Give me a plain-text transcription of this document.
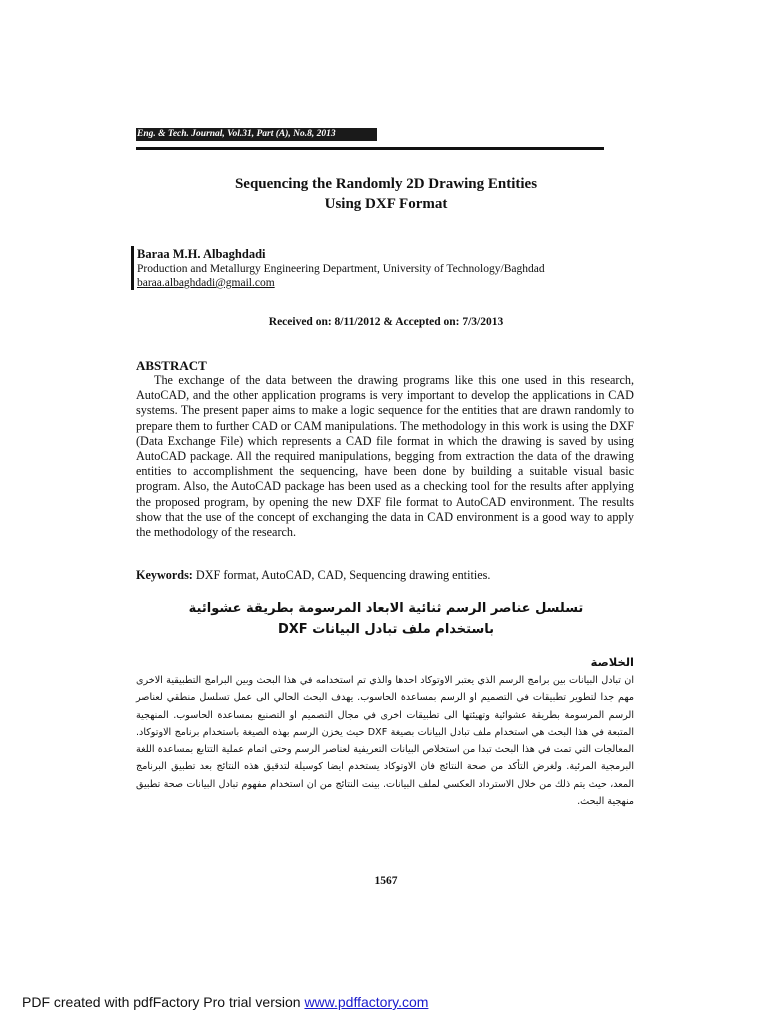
Eng. & Tech. Journal, Vol.31, Part (A), No.8, 2013
Sequencing the Randomly 2D Drawing Entities
Using DXF Format
Baraa M.H. Albaghdadi
Production and Metallurgy Engineering Department, University of Technology/Baghdad
baraa.albaghdadi@gmail.com
Received on: 8/11/2012 & Accepted on: 7/3/2013
ABSTRACT
The exchange of the data between the drawing programs like this one used in this research, AutoCAD, and the other application programs is very important to develop the applications in CAD systems. The present paper aims to make a logic sequence for the entities that are drawn randomly to prepare them to further CAD or CAM manipulations. The methodology in this work is using the DXF (Data Exchange File) which represents a CAD file format in which the drawing is saved by using AutoCAD package. All the required manipulations, begging from extraction the data of the drawing entities to accomplishment the sequencing, have been done by building a suitable visual basic program. Also, the AutoCAD package has been used as a checking tool for the results after applying the proposed program, by opening the new DXF file format to AutoCAD environment. The results show that the use of the concept of exchanging the data in CAD environment is a good way to apply the methodology of the research.
Keywords: DXF format, AutoCAD, CAD, Sequencing drawing entities.
تسلسل عناصر الرسم ثنائية الابعاد المرسومة بطريقة عشوائية
باستخدام ملف تبادل البيانات DXF
الخلاصة
ان تبادل البيانات بين برامج الرسم الذي يعتبر الاوتوكاد احدها والذي تم استخدامه في هذا البحث وبين البرامج التطبيقية الاخرى مهم جدا لتطوير تطبيقات في التصميم او الرسم بمساعدة الحاسوب. يهدف البحث الحالي الى عمل تسلسل منطقي لعناصر الرسم المرسومة بطريقة عشوائية وتهيئتها الى تطبيقات اخرى في مجال التصميم او التصنيع بمساعدة الحاسوب. المنهجية المتبعة في هذا البحث هي استخدام ملف تبادل البيانات بصيغة DXF حيث يخزن الرسم بهذه الصيغة باستخدام برنامج الاوتوكاد. المعالجات التي تمت في هذا البحث تبدا من استخلاص البيانات التعريفية لعناصر الرسم وحتى اتمام عملية التتابع بمساعدة اللغة البرمجية المرئية. ولغرض التأكد من صحة النتائج فان الاوتوكاد يستخدم ايضا كوسيلة لتدقيق هذه النتائج بعد تطبيق البرنامج المعد، حيث يتم ذلك من خلال الاسترداد العكسي لملف البيانات. بينت النتائج من ان استخدام مفهوم تبادل البيانات صحة تطبيق منهجية البحث.
1567
PDF created with pdfFactory Pro trial version www.pdffactory.com
